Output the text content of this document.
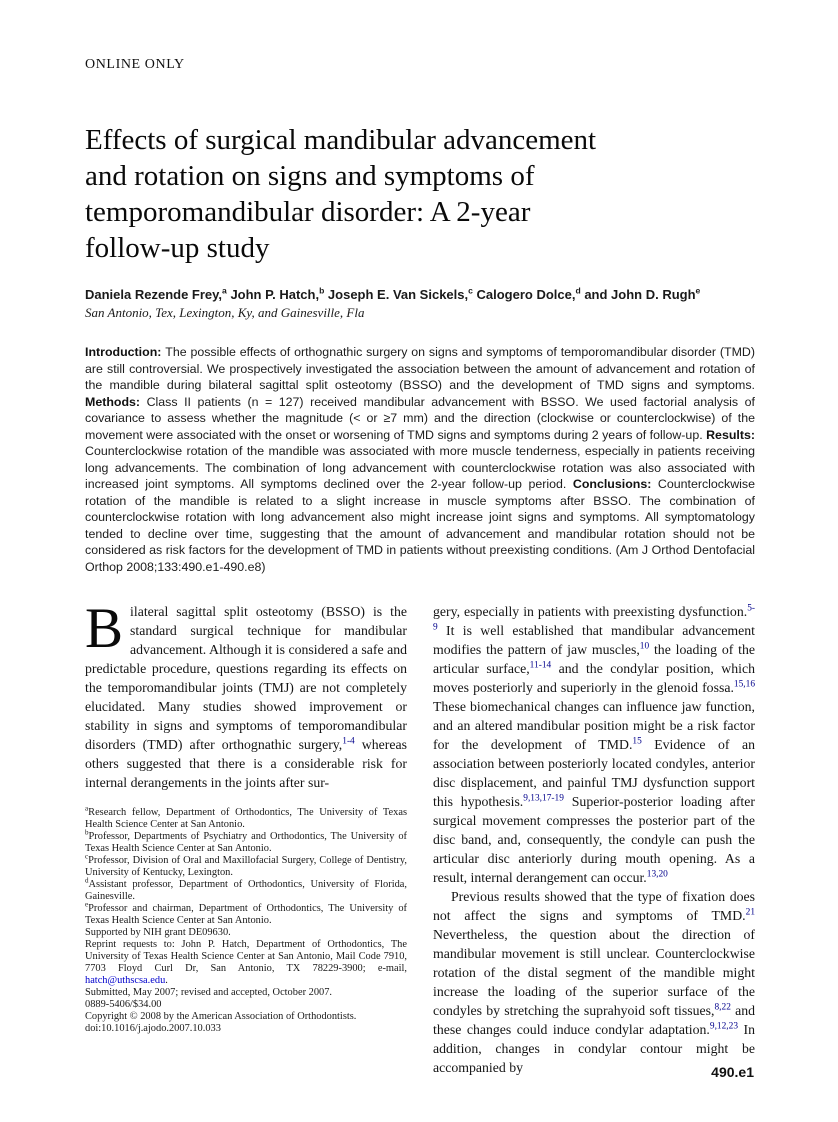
ONLINE ONLY
Effects of surgical mandibular advancement
and rotation on signs and symptoms of
temporomandibular disorder: A 2-year
follow-up study
Daniela Rezende Frey,$^a$ John P. Hatch,$^b$ Joseph E. Van Sickels,$^c$ Calogero Dolce,$^d$ and John D. Rugh$^e$
San Antonio, Tex, Lexington, Ky, and Gainesville, Fla
Introduction: The possible effects of orthognathic surgery on signs and symptoms of temporomandibular disorder (TMD) are still controversial. We prospectively investigated the association between the amount of advancement and rotation of the mandible during bilateral sagittal split osteotomy (BSSO) and the development of TMD signs and symptoms. Methods: Class II patients (n = 127) received mandibular advancement with BSSO. We used factorial analysis of covariance to assess whether the magnitude (< or ≥7 mm) and the direction (clockwise or counterclockwise) of the movement were associated with the onset or worsening of TMD signs and symptoms during 2 years of follow-up. Results: Counterclockwise rotation of the mandible was associated with more muscle tenderness, especially in patients receiving long advancements. The combination of long advancement with counterclockwise rotation was also associated with increased joint symptoms. All symptoms declined over the 2-year follow-up period. Conclusions: Counterclockwise rotation of the mandible is related to a slight increase in muscle symptoms after BSSO. The combination of counterclockwise rotation with long advancement also might increase joint signs and symptoms. All symptomatology tended to decline over time, suggesting that the amount of advancement and mandibular rotation should not be considered as risk factors for the development of TMD in patients without preexisting conditions. (Am J Orthod Dentofacial Orthop 2008;133:490.e1-490.e8)

Bilateral sagittal split osteotomy (BSSO) is the standard surgical technique for mandibular advancement. Although it is considered a safe and predictable procedure, questions regarding its effects on the temporomandibular joints (TMJ) are not completely elucidated. Many studies showed improvement or stability in signs and symptoms of temporomandibular disorders (TMD) after orthognathic surgery,$^{1-4}$ whereas others suggested that there is a considerable risk for internal derangements in the joints after sur-

$^a$Research fellow, Department of Orthodontics, The University of Texas Health Science Center at San Antonio.
$^b$Professor, Departments of Psychiatry and Orthodontics, The University of Texas Health Science Center at San Antonio.
$^c$Professor, Division of Oral and Maxillofacial Surgery, College of Dentistry, University of Kentucky, Lexington.
$^d$Assistant professor, Department of Orthodontics, University of Florida, Gainesville.
$^e$Professor and chairman, Department of Orthodontics, The University of Texas Health Science Center at San Antonio.
Supported by NIH grant DE09630.
Reprint requests to: John P. Hatch, Department of Orthodontics, The University of Texas Health Science Center at San Antonio, Mail Code 7910, 7703 Floyd Curl Dr, San Antonio, TX 78229-3900; e-mail, hatch@uthscsa.edu.
Submitted, May 2007; revised and accepted, October 2007.
0889-5406/$34.00
Copyright © 2008 by the American Association of Orthodontists.
doi:10.1016/j.ajodo.2007.10.033

gery, especially in patients with preexisting dysfunction.$^{5-9}$ It is well established that mandibular advancement modifies the pattern of jaw muscles,$^{10}$ the loading of the articular surface,$^{11-14}$ and the condylar position, which moves posteriorly and superiorly in the glenoid fossa.$^{15,16}$ These biomechanical changes can influence jaw function, and an altered mandibular position might be a risk factor for the development of TMD.$^{15}$ Evidence of an association between posteriorly located condyles, anterior disc displacement, and painful TMJ dysfunction support this hypothesis.$^{9,13,17-19}$ Superior-posterior loading after surgical movement compresses the posterior part of the disc band, and, consequently, the condyle can push the articular disc anteriorly during mouth opening. As a result, internal derangement can occur.$^{13,20}$

Previous results showed that the type of fixation does not affect the signs and symptoms of TMD.$^{21}$ Nevertheless, the question about the direction of mandibular movement is still unclear. Counterclockwise rotation of the distal segment of the mandible might increase the loading of the superior surface of the condyles by stretching the suprahyoid soft tissues,$^{8,22}$ and these changes could induce condylar adaptation.$^{9,12,23}$ In addition, changes in condylar contour might be accompanied by	490.e1
